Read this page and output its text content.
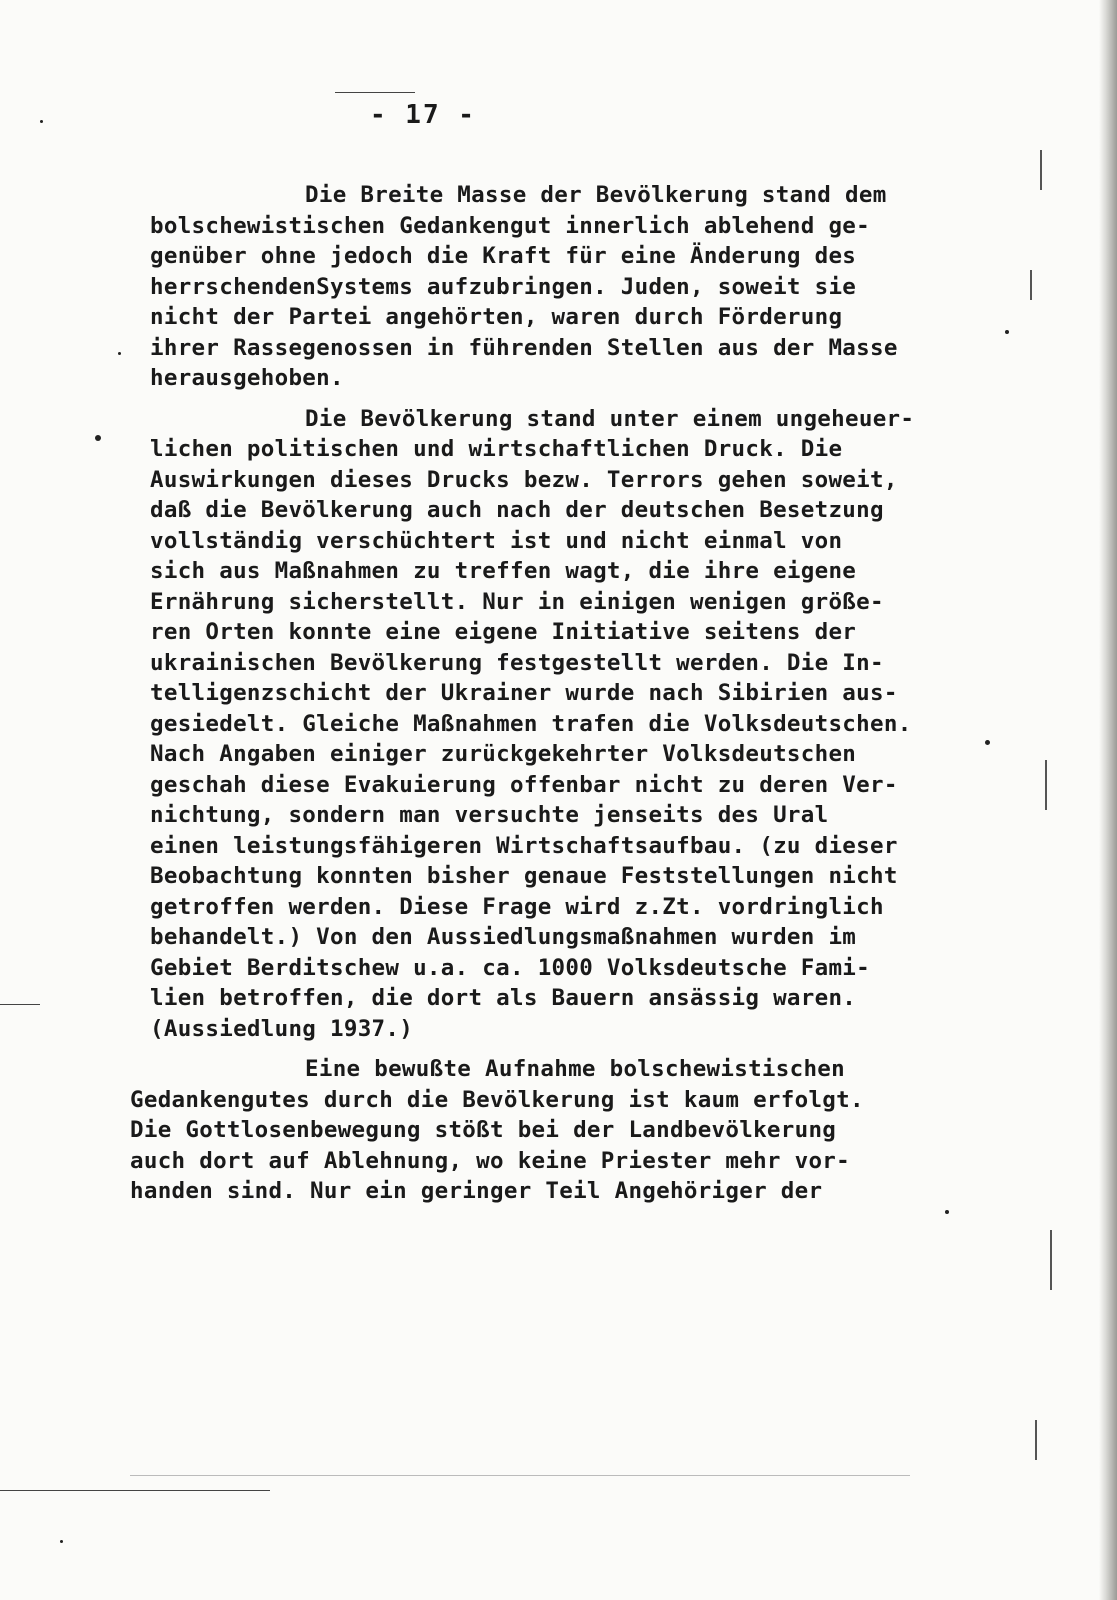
- 17 -
Die Breite Masse der Bevölkerung stand dem
bolschewistischen Gedankengut innerlich ablehend ge-
genüber ohne jedoch die Kraft für eine Änderung des
herrschendenSystems aufzubringen. Juden, soweit sie
nicht der Partei angehörten, waren durch Förderung
ihrer Rassegenossen in führenden Stellen aus der Masse
herausgehoben.
Die Bevölkerung stand unter einem ungeheuer-
lichen politischen und wirtschaftlichen Druck. Die
Auswirkungen dieses Drucks bezw. Terrors gehen soweit,
daß die Bevölkerung auch nach der deutschen Besetzung
vollständig verschüchtert ist und nicht einmal von
sich aus Maßnahmen zu treffen wagt, die ihre eigene
Ernährung sicherstellt. Nur in einigen wenigen größe-
ren Orten konnte eine eigene Initiative seitens der
ukrainischen Bevölkerung festgestellt werden. Die In-
telligenzschicht der Ukrainer wurde nach Sibirien aus-
gesiedelt. Gleiche Maßnahmen trafen die Volksdeutschen.
Nach Angaben einiger zurückgekehrter Volksdeutschen
geschah diese Evakuierung offenbar nicht zu deren Ver-
nichtung, sondern man versuchte jenseits des Ural
einen leistungsfähigeren Wirtschaftsaufbau. (zu dieser
Beobachtung konnten bisher genaue Feststellungen nicht
getroffen werden. Diese Frage wird z.Zt. vordringlich
behandelt.) Von den Aussiedlungsmaßnahmen wurden im
Gebiet Berditschew u.a. ca. 1000 Volksdeutsche Fami-
lien betroffen, die dort als Bauern ansässig waren.
(Aussiedlung 1937.)
Eine bewußte Aufnahme bolschewistischen
Gedankengutes durch die Bevölkerung ist kaum erfolgt.
Die Gottlosenbewegung stößt bei der Landbevölkerung
auch dort auf Ablehnung, wo keine Priester mehr vor-
handen sind. Nur ein geringer Teil Angehöriger der
